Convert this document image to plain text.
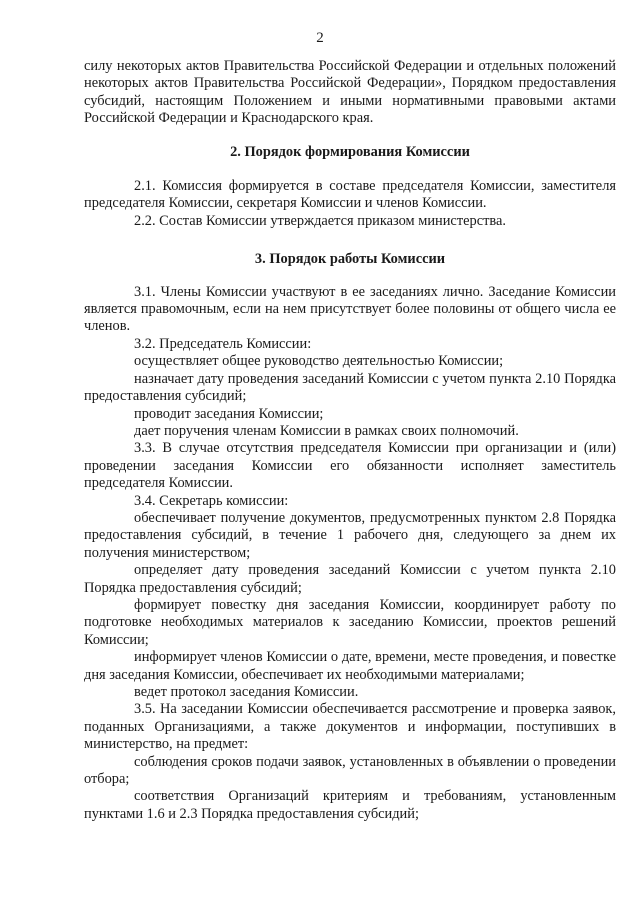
2

силу некоторых актов Правительства Российской Федерации и отдельных положений некоторых актов Правительства Российской Федерации», Порядком предоставления субсидий, настоящим Положением и иными нормативными правовыми актами Российской Федерации и Краснодарского края.

2. Порядок формирования Комиссии

2.1. Комиссия формируется в составе председателя Комиссии, заместителя председателя Комиссии, секретаря Комиссии и членов Комиссии.

2.2. Состав Комиссии утверждается приказом министерства.

3. Порядок работы Комиссии

3.1. Члены Комиссии участвуют в ее заседаниях лично. Заседание Комиссии является правомочным, если на нем присутствует более половины от общего числа ее членов.

3.2. Председатель Комиссии:

осуществляет общее руководство деятельностью Комиссии;

назначает дату проведения заседаний Комиссии с учетом пункта 2.10 Порядка предоставления субсидий;

проводит заседания Комиссии;

дает поручения членам Комиссии в рамках своих полномочий.

3.3. В случае отсутствия председателя Комиссии при организации и (или) проведении заседания Комиссии его обязанности исполняет заместитель председателя Комиссии.

3.4. Секретарь комиссии:

обеспечивает получение документов, предусмотренных пунктом 2.8 Порядка предоставления субсидий, в течение 1 рабочего дня, следующего за днем их получения министерством;

определяет дату проведения заседаний Комиссии с учетом пункта 2.10 Порядка предоставления субсидий;

формирует повестку дня заседания Комиссии, координирует работу по подготовке необходимых материалов к заседанию Комиссии, проектов решений Комиссии;

информирует членов Комиссии о дате, времени, месте проведения, и повестке дня заседания Комиссии, обеспечивает их необходимыми материалами;

ведет протокол заседания Комиссии.

3.5. На заседании Комиссии обеспечивается рассмотрение и проверка заявок, поданных Организациями, а также документов и информации, поступивших в министерство, на предмет:

соблюдения сроков подачи заявок, установленных в объявлении о проведении отбора;

соответствия Организаций критериям и требованиям, установленным пунктами 1.6 и 2.3 Порядка предоставления субсидий;
